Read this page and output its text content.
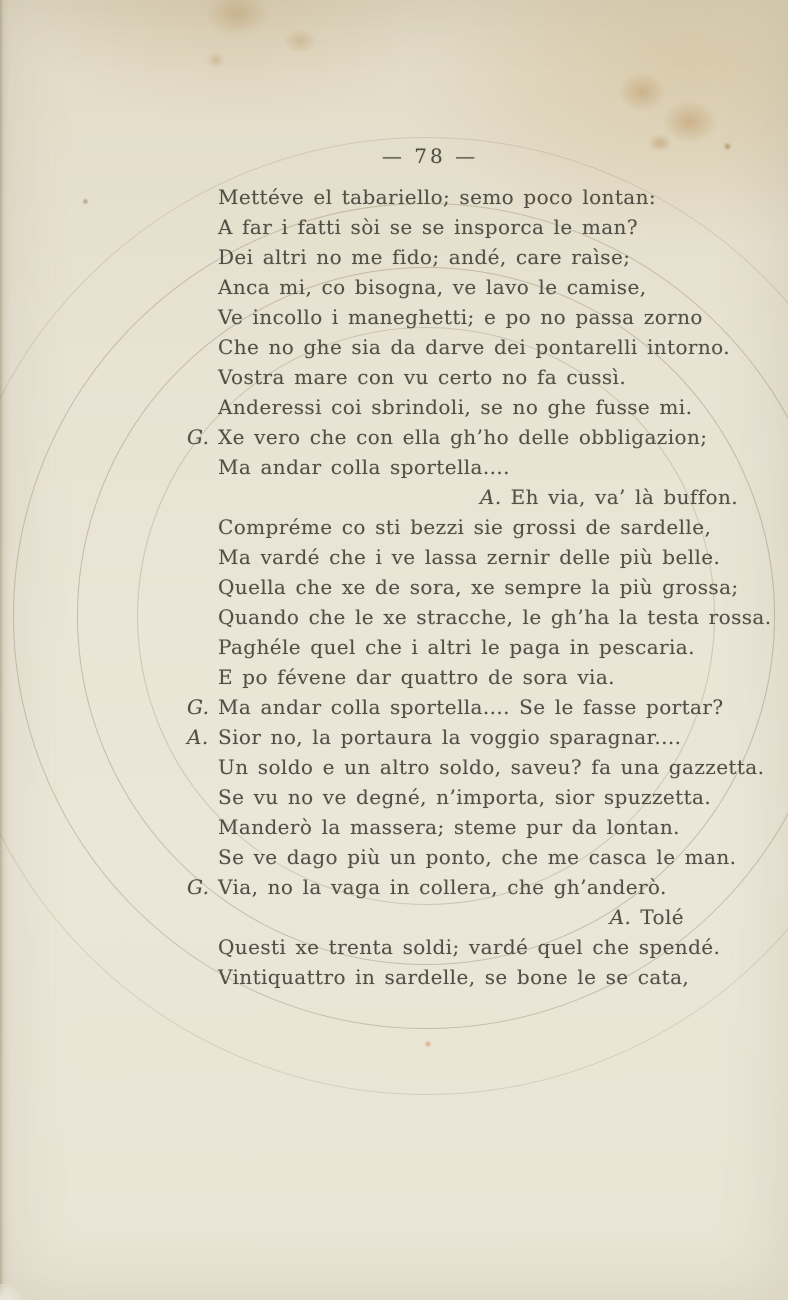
— 78 —
Mettéve el tabariello; semo poco lontan:
A far i fatti sòi se se insporca le man?
Dei altri no me fido; andé, care raìse;
Anca mi, co bisogna, ve lavo le camise,
Ve incollo i maneghetti; e po no passa zorno
Che no ghe sia da darve dei pontarelli intorno.
Vostra mare con vu certo no fa cussì.
Anderessi coi sbrindoli, se no ghe fusse mi.
G. Xe vero che con ella gh’ho delle obbligazion;
Ma andar colla sportella....
A. Eh via, va’ là buffon.
Compréme co sti bezzi sie grossi de sardelle,
Ma vardé che i ve lassa zernir delle più belle.
Quella che xe de sora, xe sempre la più grossa;
Quando che le xe stracche, le gh’ha la testa rossa.
Paghéle quel che i altri le paga in pescaria.
E po févene dar quattro de sora via.
G. Ma andar colla sportella.... Se le fasse portar?
A. Sior no, la portaura la voggio sparagnar....
Un soldo e un altro soldo, saveu? fa una gazzetta.
Se vu no ve degné, n’importa, sior spuzzetta.
Manderò la massera; steme pur da lontan.
Se ve dago più un ponto, che me casca le man.
G. Via, no la vaga in collera, che gh’anderò.
A. Tolé
Questi xe trenta soldi; vardé quel che spendé.
Vintiquattro in sardelle, se bone le se cata,
